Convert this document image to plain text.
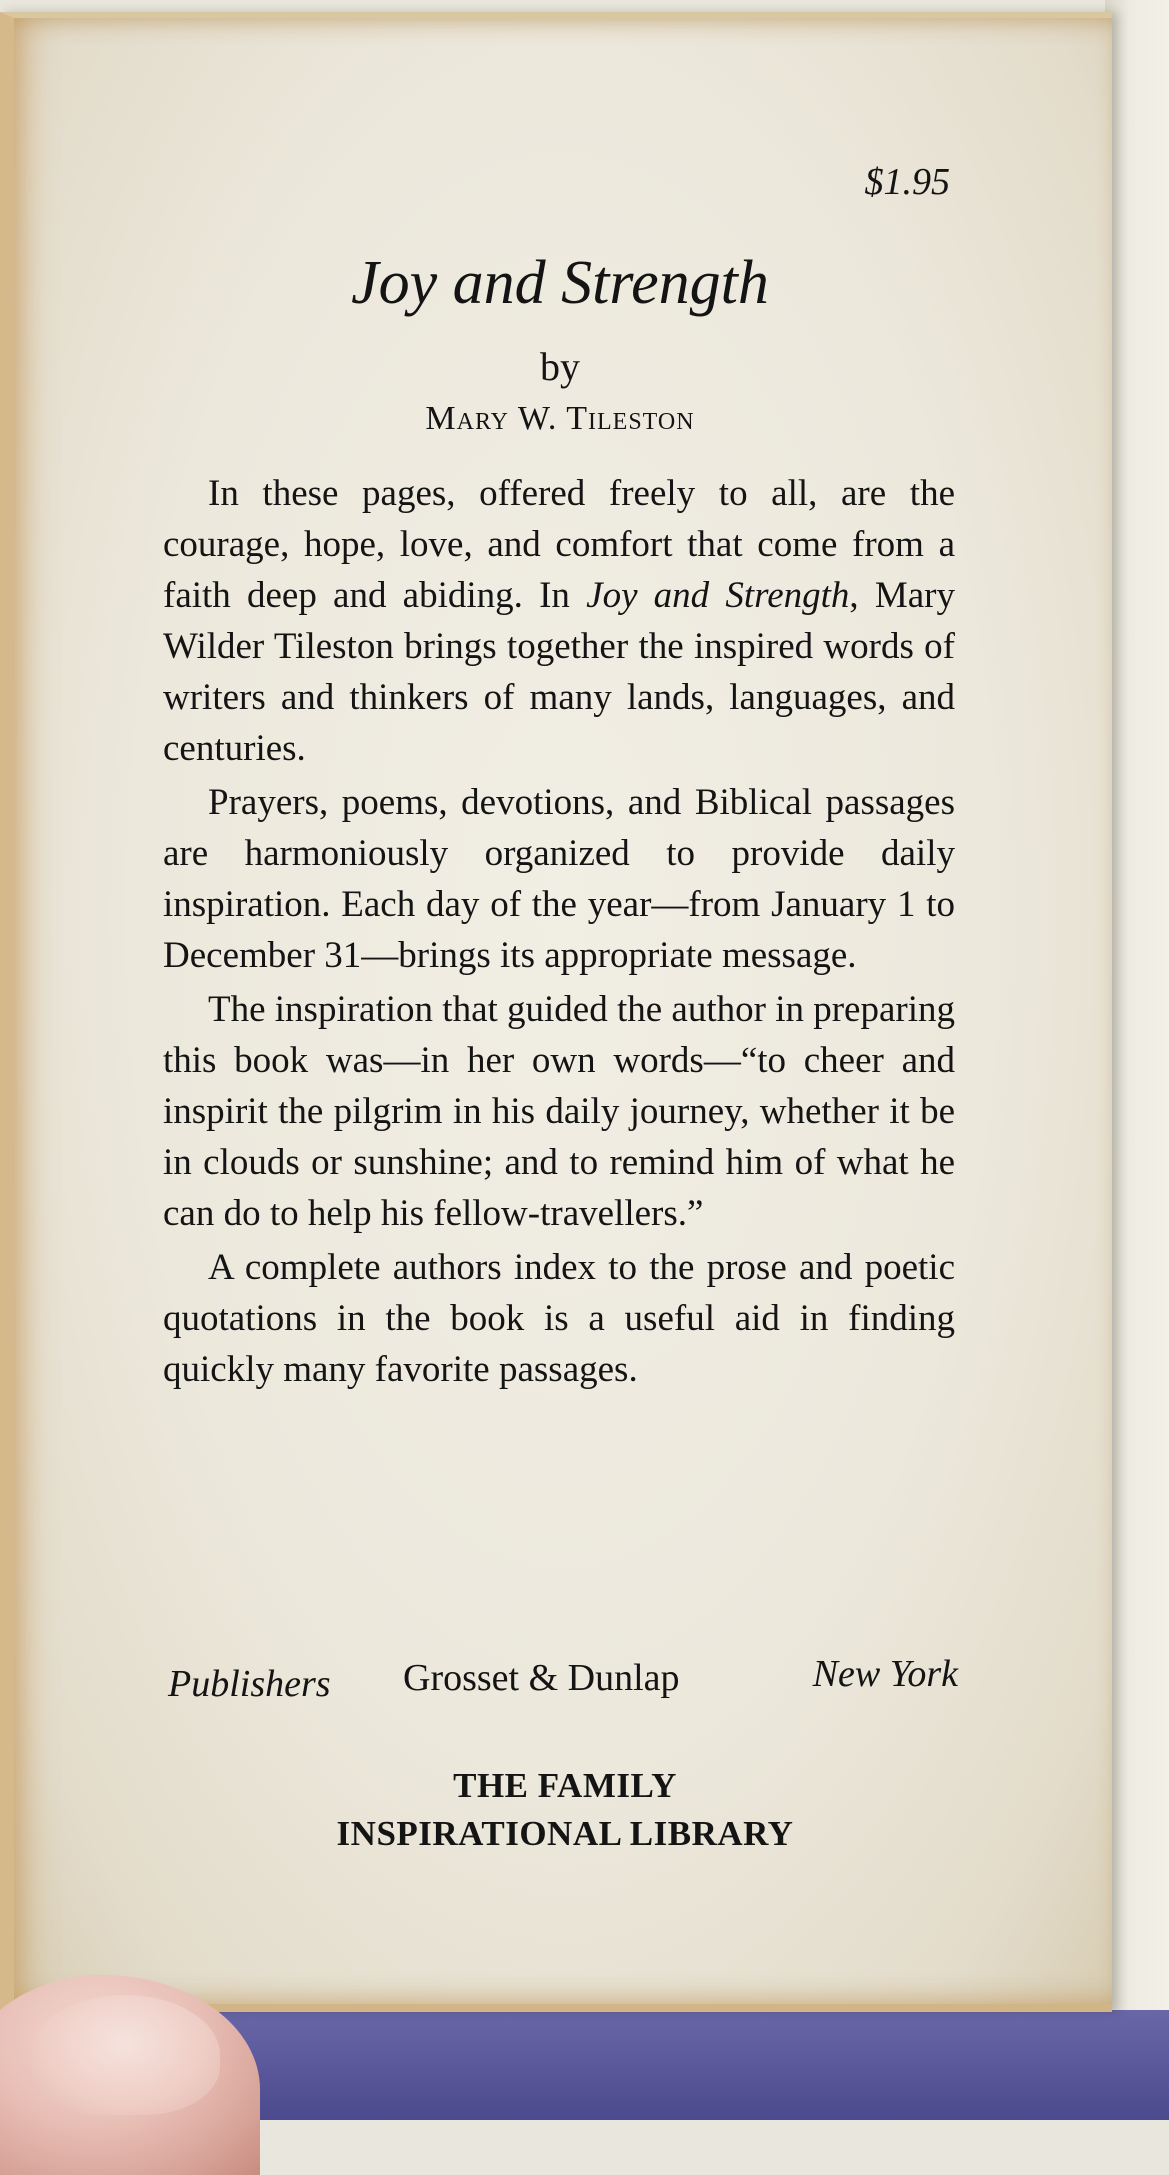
$1.95
Joy and Strength
by
Mary W. Tileston

In these pages, offered freely to all, are the courage, hope, love, and comfort that come from a faith deep and abiding. In Joy and Strength, Mary Wilder Tileston brings together the inspired words of writers and thinkers of many lands, languages, and centuries.

Prayers, poems, devotions, and Biblical passages are harmoniously organized to provide daily inspiration. Each day of the year—from January 1 to December 31—brings its appropriate message.

The inspiration that guided the author in preparing this book was—in her own words—“to cheer and inspirit the pilgrim in his daily journey, whether it be in clouds or sunshine; and to remind him of what he can do to help his fellow-travellers.”

A complete authors index to the prose and poetic quotations in the book is a useful aid in finding quickly many favorite passages.

Publishers Grosset & Dunlap	New York
THE FAMILY
INSPIRATIONAL LIBRARY
